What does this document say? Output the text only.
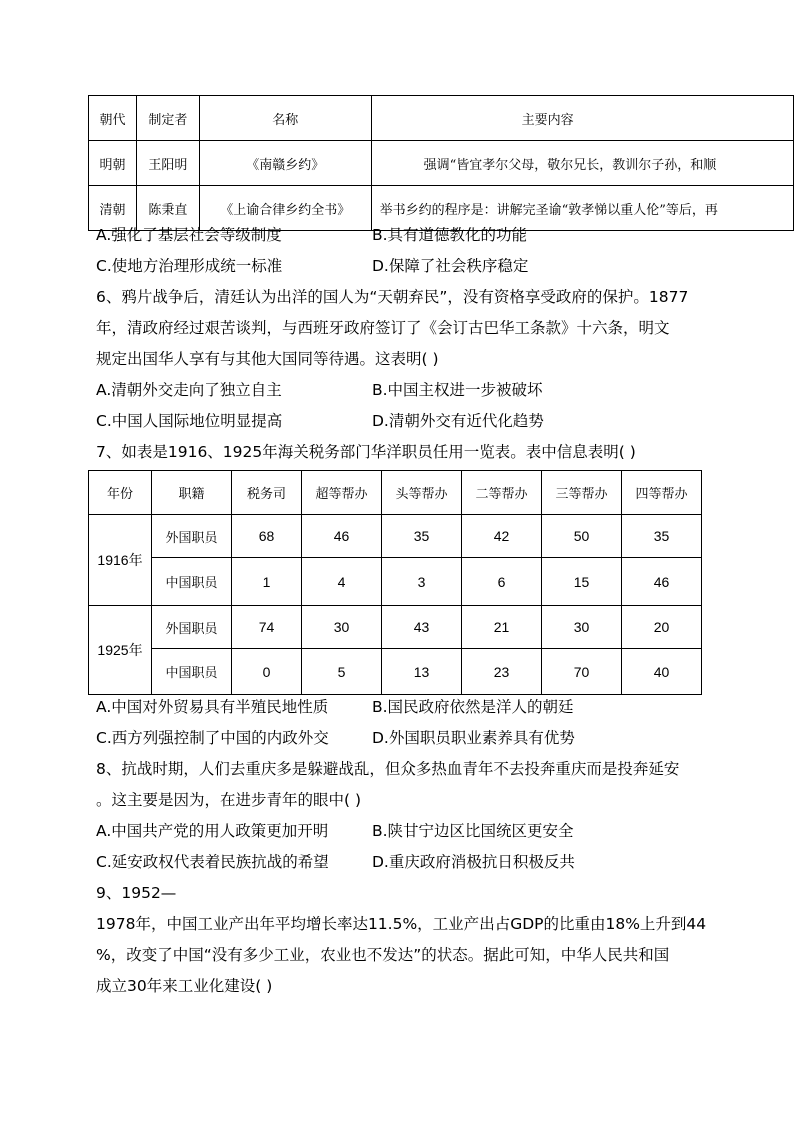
朝代	制定者	名称	主要内容
明朝	王阳明	《南赣乡约》	强调“皆宜孝尔父母，敬尔兄长，教训尔子孙，和顺
清朝	陈秉直	《上谕合律乡约全书》	举书乡约的程序是：讲解完圣谕“敦孝悌以重人伦”等后，再
A.强化了基层社会等级制度	B.具有道德教化的功能
C.使地方治理形成统一标准	D.保障了社会秩序稳定
6、鸦片战争后，清廷认为出洋的国人为“天朝弃民”，没有资格享受政府的保护。1877
年，清政府经过艰苦谈判，与西班牙政府签订了《会订古巴华工条款》十六条，明文
规定出国华人享有与其他大国同等待遇。这表明( )
A.清朝外交走向了独立自主	B.中国主权进一步被破坏
C.中国人国际地位明显提高	D.清朝外交有近代化趋势
7、如表是1916、1925年海关税务部门华洋职员任用一览表。表中信息表明( )
年份	职籍	税务司	超等帮办	头等帮办	二等帮办	三等帮办	四等帮办
1916年	外国职员	68	46	35	42	50	35
	中国职员	1	4	3	6	15	46
1925年	外国职员	74	30	43	21	30	20
	中国职员	0	5	13	23	70	40
A.中国对外贸易具有半殖民地性质	B.国民政府依然是洋人的朝廷
C.西方列强控制了中国的内政外交	D.外国职员职业素养具有优势
8、抗战时期，人们去重庆多是躲避战乱，但众多热血青年不去投奔重庆而是投奔延安
。这主要是因为，在进步青年的眼中( )
A.中国共产党的用人政策更加开明	B.陕甘宁边区比国统区更安全
C.延安政权代表着民族抗战的希望	D.重庆政府消极抗日积极反共
9、1952—
1978年，中国工业产出年平均增长率达11.5%，工业产出占GDP的比重由18%上升到44
%，改变了中国“没有多少工业，农业也不发达”的状态。据此可知，中华人民共和国
成立30年来工业化建设( )
